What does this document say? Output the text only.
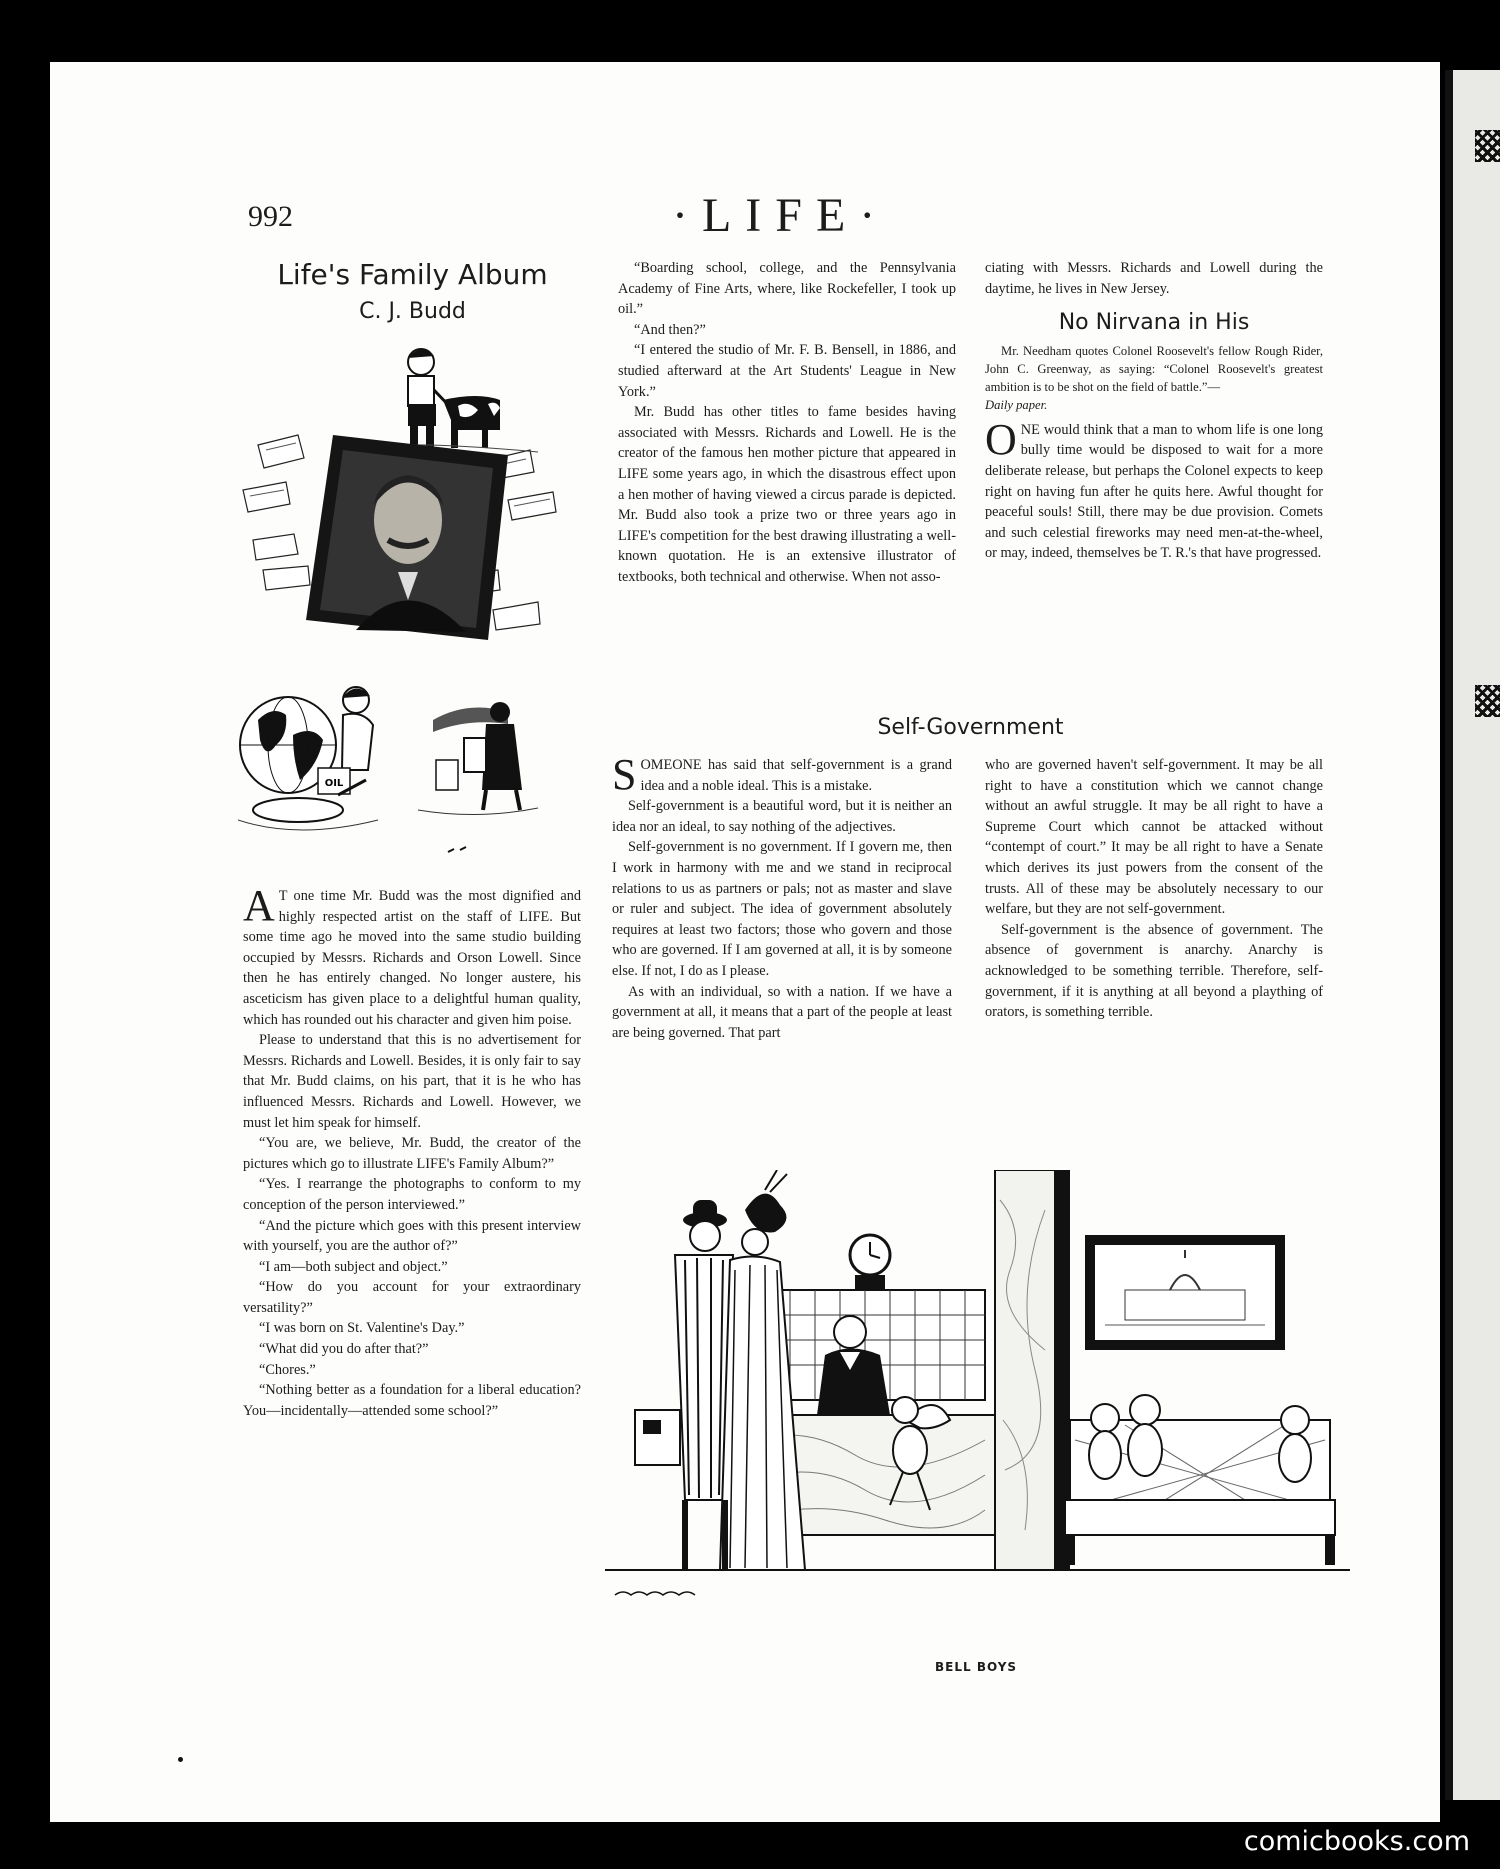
992	·LIFE·
Life's Family Album
C. J. Budd
OIL

A T one time Mr. Budd was the most dignified and highly respected artist on the staff of LIFE. But some time ago he moved into the same studio building occupied by Messrs. Richards and Orson Lowell. Since then he has entirely changed. No longer austere, his asceticism has given place to a delightful human quality, which has rounded out his character and given him poise.

Please to understand that this is no advertisement for Messrs. Richards and Lowell. Besides, it is only fair to say that Mr. Budd claims, on his part, that it is he who has influenced Messrs. Richards and Lowell. However, we must let him speak for himself.

“You are, we believe, Mr. Budd, the creator of the pictures which go to illustrate LIFE's Family Album?”

“Yes. I rearrange the photographs to conform to my conception of the person interviewed.”

“And the picture which goes with this present interview with yourself, you are the author of?”

“I am—both subject and object.”

“How do you account for your extraordinary versatility?”

“I was born on St. Valentine's Day.”

“What did you do after that?”

“Chores.”

“Nothing better as a foundation for a liberal education? You—incidentally—attended some school?”

“Boarding school, college, and the Pennsylvania Academy of Fine Arts, where, like Rockefeller, I took up oil.”

“And then?”

“I entered the studio of Mr. F. B. Bensell, in 1886, and studied afterward at the Art Students' League in New York.”

Mr. Budd has other titles to fame besides having associated with Messrs. Richards and Lowell. He is the creator of the famous hen mother picture that appeared in LIFE some years ago, in which the disastrous effect upon a hen mother of having viewed a circus parade is depicted. Mr. Budd also took a prize two or three years ago in LIFE's competition for the best drawing illustrating a well-known quotation. He is an extensive illustrator of textbooks, both technical and otherwise. When not asso-

ciating with Messrs. Richards and Lowell during the daytime, he lives in New Jersey.

No Nirvana in His

Mr. Needham quotes Colonel Roosevelt's fellow Rough Rider, John C. Greenway, as saying: “Colonel Roosevelt's greatest ambition is to be shot on the field of battle.”—
Daily paper.

ONE would think that a man to whom life is one long bully time would be disposed to wait for a more deliberate release, but perhaps the Colonel expects to keep right on having fun after he quits here. Awful thought for peaceful souls! Still, there may be due provision. Comets and such celestial fireworks may need men-at-the-wheel, or may, indeed, themselves be T. R.'s that have progressed.

Self-Government

SOMEONE has said that self-government is a grand idea and a noble ideal. This is a mistake.

Self-government is a beautiful word, but it is neither an idea nor an ideal, to say nothing of the adjectives.

Self-government is no government. If I govern me, then I work in harmony with me and we stand in reciprocal relations to us as partners or pals; not as master and slave or ruler and subject. The idea of government absolutely requires at least two factors; those who govern and those who are governed. If I am governed at all, it is by someone else. If not, I do as I please.

As with an individual, so with a nation. If we have a government at all, it means that a part of the people at least are being governed. That part

who are governed haven't self-government. It may be all right to have a constitution which we cannot change without an awful struggle. It may be all right to have a Supreme Court which cannot be attacked without “contempt of court.” It may be all right to have a Senate which derives its just powers from the consent of the trusts. All of these may be absolutely necessary to our welfare, but they are not self-government.

Self-government is the absence of government. The absence of government is anarchy. Anarchy is acknowledged to be something terrible. Therefore, self-government, if it is anything at all beyond a plaything of orators, is something terrible.

BELL BOYS
comicbooks.com
